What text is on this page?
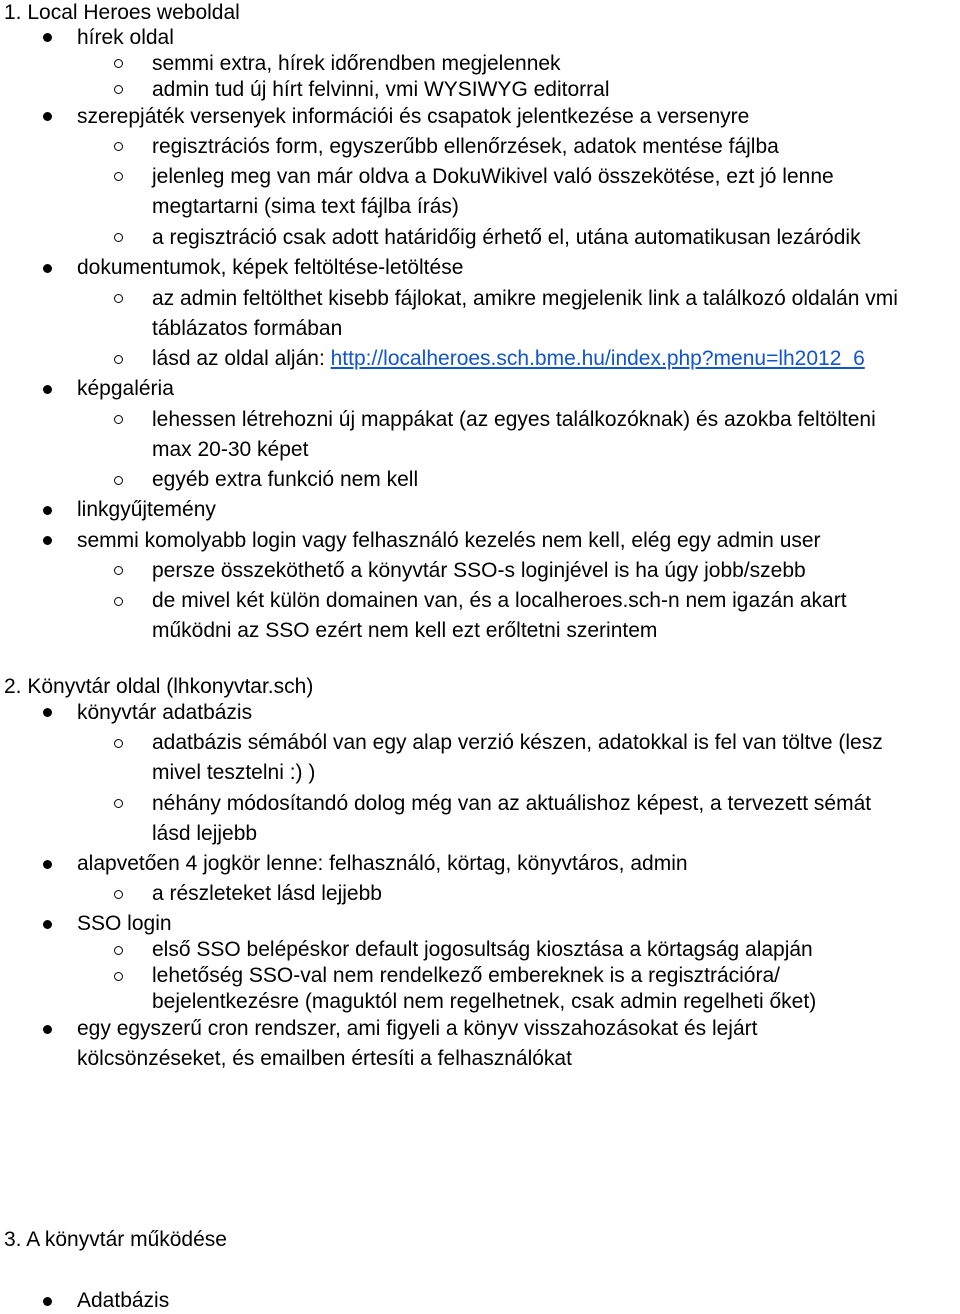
1. Local Heroes weboldal
hírek oldal
semmi extra, hírek időrendben megjelennek
admin tud új hírt felvinni, vmi WYSIWYG editorral
szerepjáték versenyek információi és csapatok jelentkezése a versenyre
regisztrációs form, egyszerűbb ellenőrzések, adatok mentése fájlba
jelenleg meg van már oldva a DokuWikivel való összekötése, ezt jó lenne
megtartarni (sima text fájlba írás)
a regisztráció csak adott határidőig érhető el, utána automatikusan lezáródik
dokumentumok, képek feltöltése-letöltése
az admin feltölthet kisebb fájlokat, amikre megjelenik link a találkozó oldalán vmi
táblázatos formában
lásd az oldal alján: http://localheroes.sch.bme.hu/index.php?menu=lh2012_6
képgaléria
lehessen létrehozni új mappákat (az egyes találkozóknak) és azokba feltölteni
max 20-30 képet
egyéb extra funkció nem kell
linkgyűjtemény
semmi komolyabb login vagy felhasználó kezelés nem kell, elég egy admin user
persze összeköthető a könyvtár SSO-s loginjével is ha úgy jobb/szebb
de mivel két külön domainen van, és a localheroes.sch-n nem igazán akart
működni az SSO ezért nem kell ezt erőltetni szerintem
2. Könyvtár oldal (lhkonyvtar.sch)
könyvtár adatbázis
adatbázis sémából van egy alap verzió készen, adatokkal is fel van töltve (lesz
mivel tesztelni :) )
néhány módosítandó dolog még van az aktuálishoz képest, a tervezett sémát
lásd lejjebb
alapvetően 4 jogkör lenne: felhasználó, körtag, könyvtáros, admin
a részleteket lásd lejjebb
SSO login
első SSO belépéskor default jogosultság kiosztása a körtagság alapján
lehetőség SSO-val nem rendelkező embereknek is a regisztrációra/
bejelentkezésre (maguktól nem regelhetnek, csak admin regelheti őket)
egy egyszerű cron rendszer, ami figyeli a könyv visszahozásokat és lejárt
kölcsönzéseket, és emailben értesíti a felhasználókat
3. A könyvtár működése
Adatbázis
